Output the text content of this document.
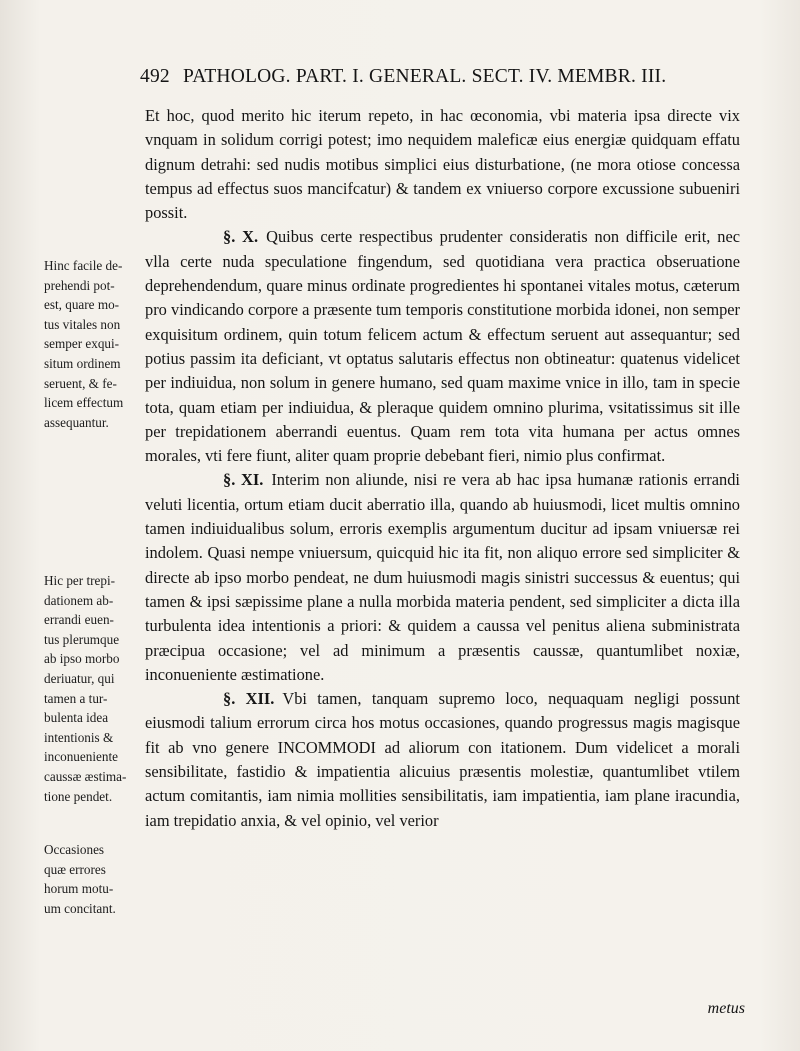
492 PATHOLOG. PART. I. GENERAL. SECT. IV. MEMBR. III.

Et hoc, quod merito hic iterum repeto, in hac œconomia, vbi materia ipsa directe vix vnquam in solidum corrigi potest; imo nequidem maleficæ eius energiæ quidquam effatu dignum detrahi: sed nudis motibus simplici eius disturbatione, (ne mora otiose concessa tempus ad effectus suos mancifcatur) & tandem ex vniuerso corpore excussione subueniri possit.

§. X. Quibus certe respectibus prudenter consideratis non difficile erit, nec vlla certe nuda speculatione fingendum, sed quotidiana vera practica obseruatione deprehendendum, quare minus ordinate progredientes hi spontanei vitales motus, cæterum pro vindicando corpore a præsente tum temporis constitutione morbida idonei, non semper exquisitum ordinem, quin totum felicem actum & effectum seruent aut assequantur; sed potius passim ita deficiant, vt optatus salutaris effectus non obtineatur: quatenus videlicet per indiuidua, non solum in genere humano, sed quam maxime vnice in illo, tam in specie tota, quam etiam per indiuidua, & pleraque quidem omnino plurima, vsitatissimus sit ille per trepidationem aberrandi euentus. Quam rem tota vita humana per actus omnes morales, vti fere fiunt, aliter quam proprie debebant fieri, nimio plus confirmat.

§. XI. Interim non aliunde, nisi re vera ab hac ipsa humanæ rationis errandi veluti licentia, ortum etiam ducit aberratio illa, quando ab huiusmodi, licet multis omnino tamen indiuidualibus solum, erroris exemplis argumentum ducitur ad ipsam vniuersæ rei indolem. Quasi nempe vniuersum, quicquid hic ita fit, non aliquo errore sed simpliciter & directe ab ipso morbo pendeat, ne dum huiusmodi magis sinistri successus & euentus; qui tamen & ipsi sæpissime plane a nulla morbida materia pendent, sed simpliciter a dicta illa turbulenta idea intentionis a priori: & quidem a caussa vel penitus aliena subministrata præcipua occasione; vel ad minimum a præsentis caussæ, quantumlibet noxiæ, inconueniente æstimatione.

§. XII. Vbi tamen, tanquam supremo loco, nequaquam negligi possunt eiusmodi talium errorum circa hos motus occasiones, quando progressus magis magisque fit ab vno genere INCOMMODI ad aliorum con itationem. Dum videlicet a morali sensibilitate, fastidio & impatientia alicuius præsentis molestiæ, quantumlibet vtilem actum comitantis, iam nimia mollities sensibilitatis, iam impatientia, iam plane iracundia, iam trepidatio anxia, & vel opinio, vel verior

metus
Hinc facile de-
prehendi pot-
est, quare mo-
tus vitales non
semper exqui-
situm ordinem
seruent, & fe-
licem effectum
assequantur.
Hic per trepi-
dationem ab-
errandi euen-
tus plerumque
ab ipso morbo
deriuatur, qui
tamen a tur-
bulenta idea
intentionis &
inconueniente
caussæ æstima-
tione pendet.
Occasiones
quæ errores
horum motu-
um concitant.
